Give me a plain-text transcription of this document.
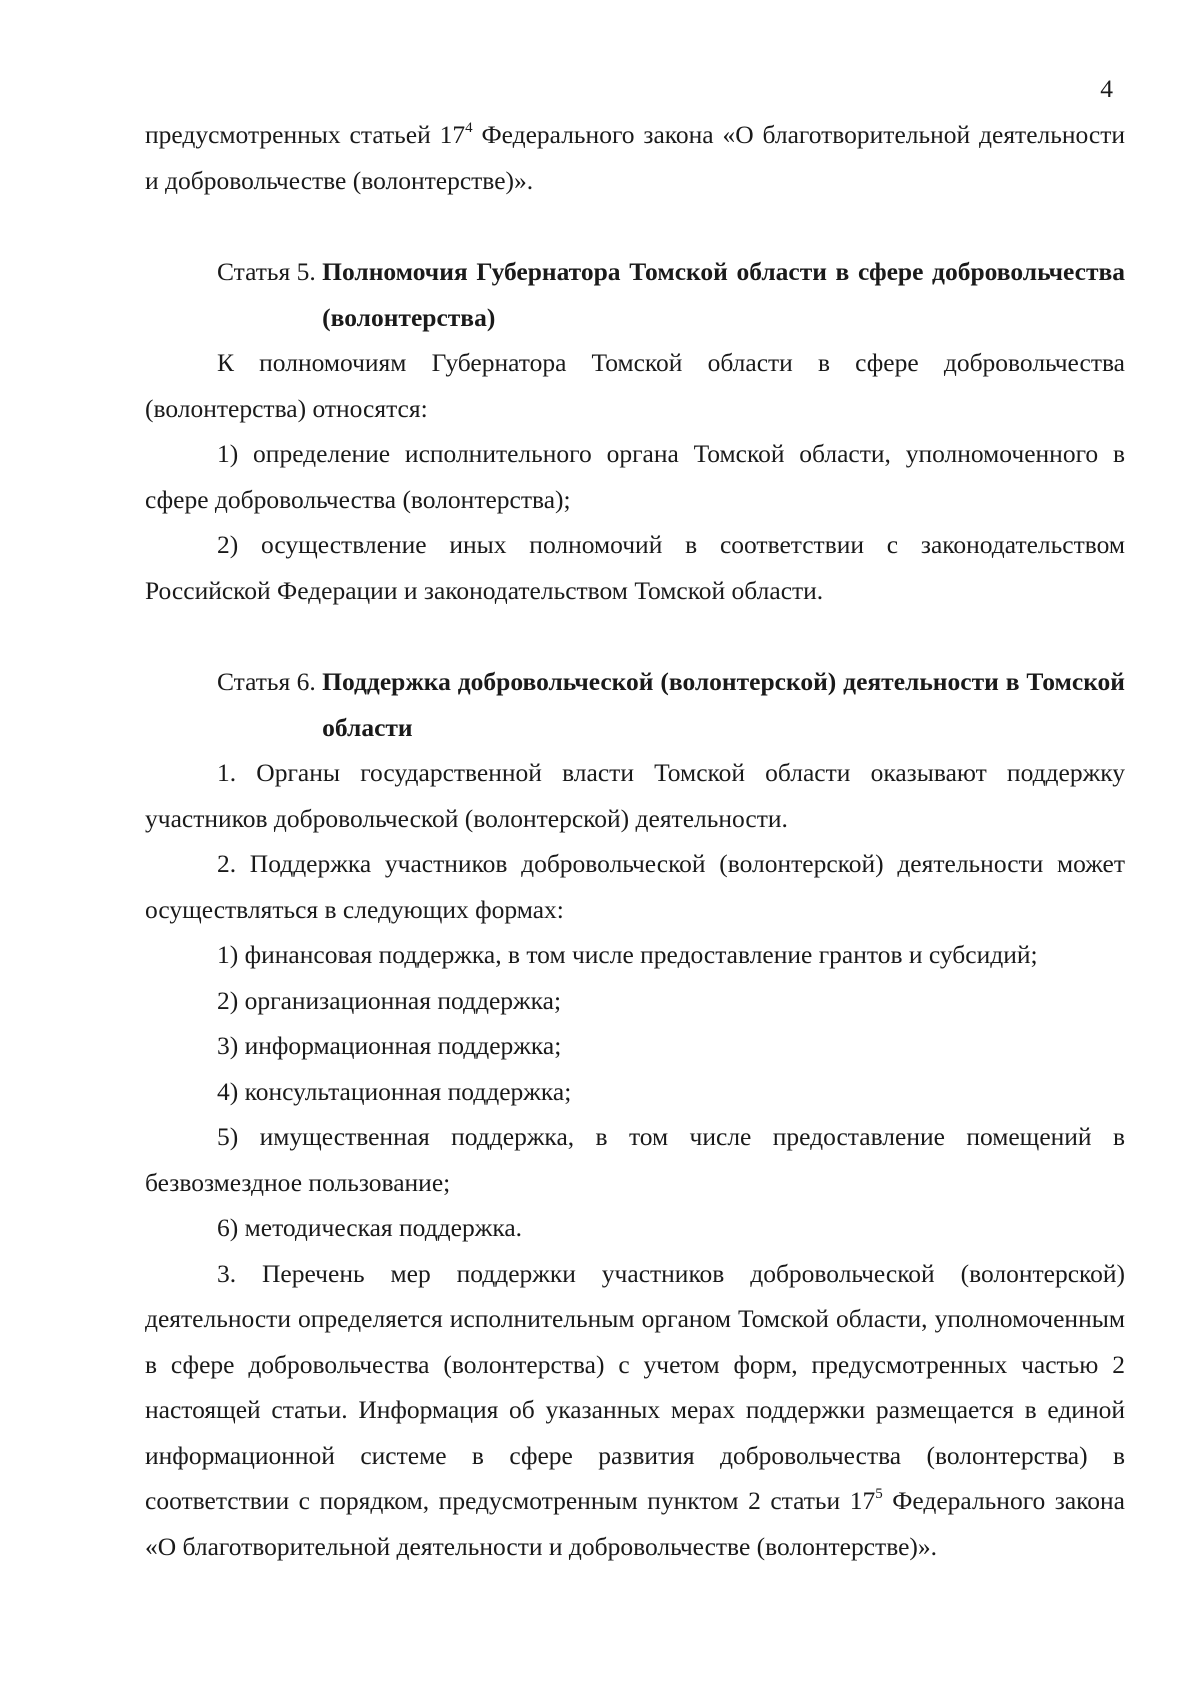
4

предусмотренных статьей $17^4$ Федерального закона «О благотворительной деятельности и добровольчестве (волонтерстве)».

Статья 5. Полномочия Губернатора Томской области в сфере добровольчества (волонтерства)

К полномочиям Губернатора Томской области в сфере добровольчества (волонтерства) относятся:

1) определение исполнительного органа Томской области, уполномоченного в сфере добровольчества (волонтерства);

2) осуществление иных полномочий в соответствии с законодательством Российской Федерации и законодательством Томской области.

Статья 6. Поддержка добровольческой (волонтерской) деятельности в Томской области

1. Органы государственной власти Томской области оказывают поддержку участников добровольческой (волонтерской) деятельности.

2. Поддержка участников добровольческой (волонтерской) деятельности может осуществляться в следующих формах:

1) финансовая поддержка, в том числе предоставление грантов и субсидий;

2) организационная поддержка;

3) информационная поддержка;

4) консультационная поддержка;

5) имущественная поддержка, в том числе предоставление помещений в безвозмездное пользование;

6) методическая поддержка.

3. Перечень мер поддержки участников добровольческой (волонтерской) деятельности определяется исполнительным органом Томской области, уполномоченным в сфере добровольчества (волонтерства) с учетом форм, предусмотренных частью 2 настоящей статьи. Информация об указанных мерах поддержки размещается в единой информационной системе в сфере развития добровольчества (волонтерства) в соответствии с порядком, предусмотренным пунктом 2 статьи $17^5$ Федерального закона «О благотворительной деятельности и добровольчестве (волонтерстве)».
